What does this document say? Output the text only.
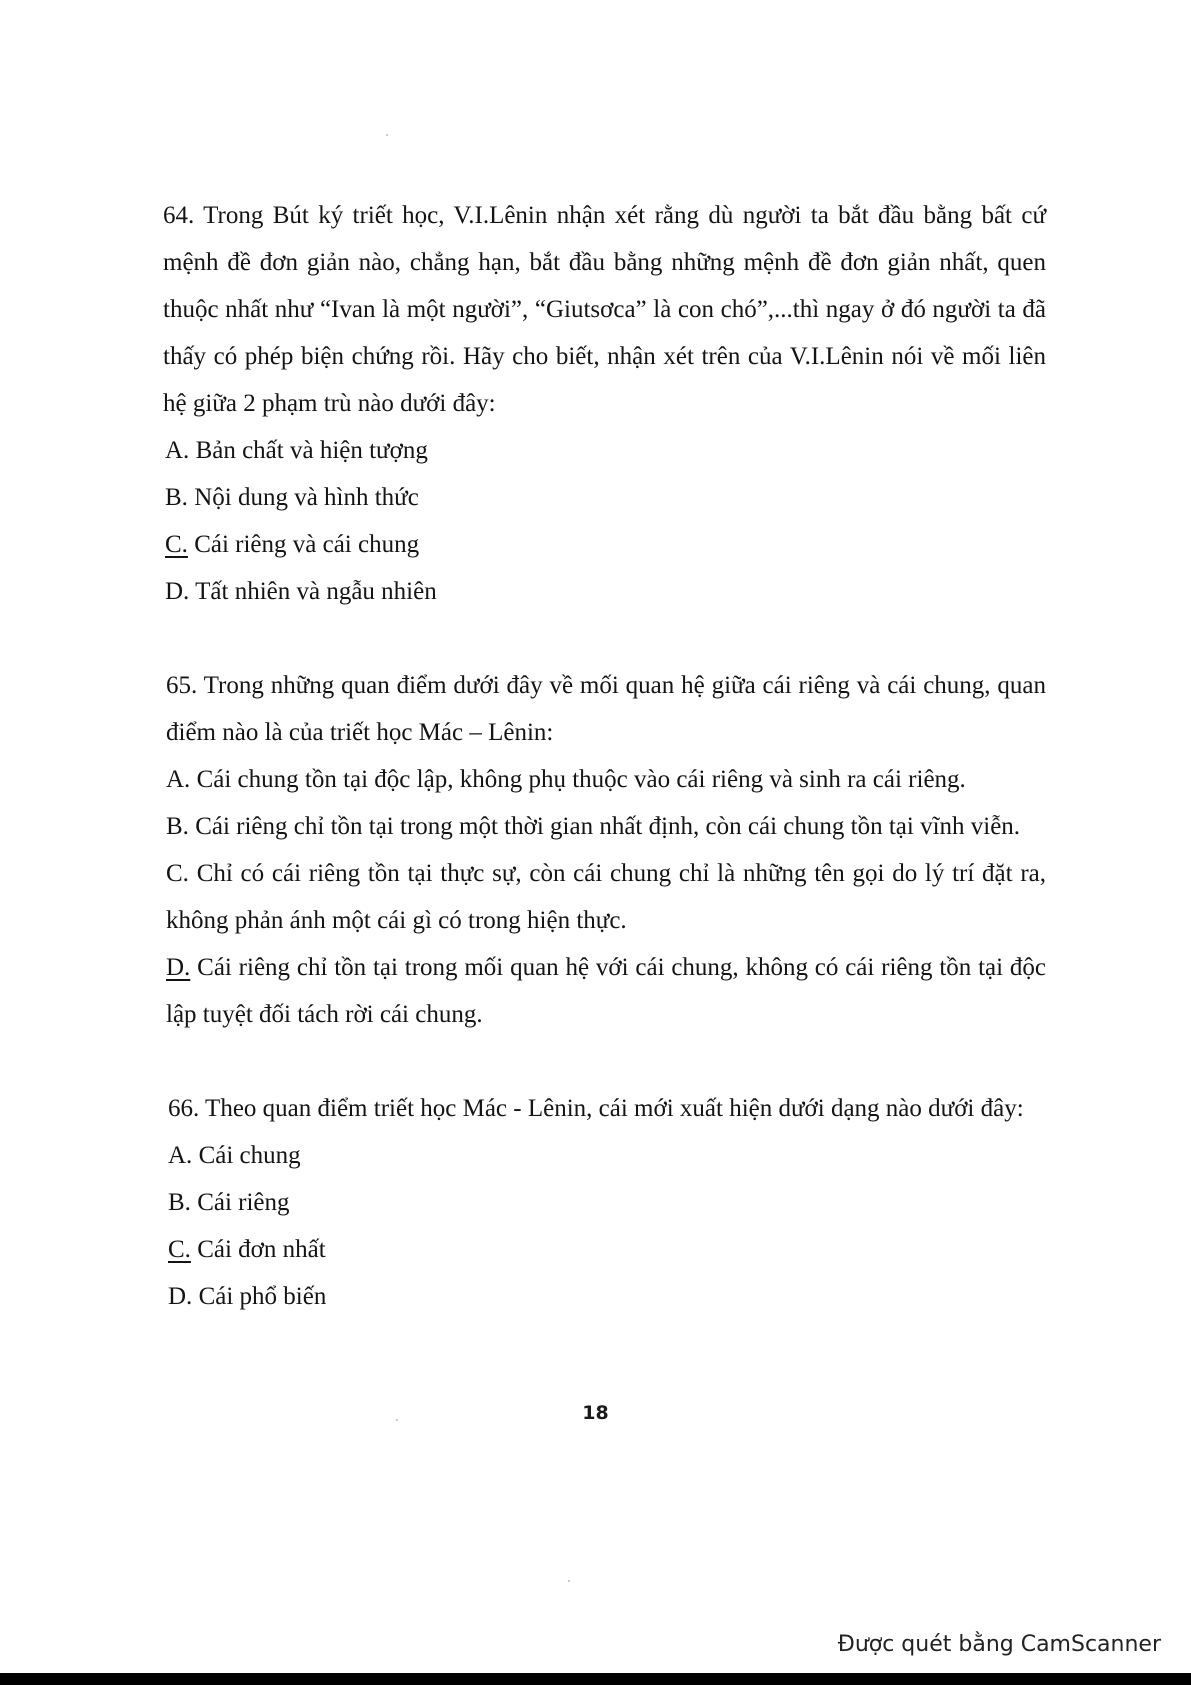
64. Trong Bút ký triết học, V.I.Lênin nhận xét rằng dù người ta bắt đầu bằng bất cứ mệnh đề đơn giản nào, chẳng hạn, bắt đầu bằng những mệnh đề đơn giản nhất, quen thuộc nhất như “Ivan là một người”, “Giutsơca” là con chó”,...thì ngay ở đó người ta đã thấy có phép biện chứng rồi. Hãy cho biết, nhận xét trên của V.I.Lênin nói về mối liên hệ giữa 2 phạm trù nào dưới đây:

A. Bản chất và hiện tượng

B. Nội dung và hình thức

C. Cái riêng và cái chung

D. Tất nhiên và ngẫu nhiên

65. Trong những quan điểm dưới đây về mối quan hệ giữa cái riêng và cái chung, quan điểm nào là của triết học Mác – Lênin:

A. Cái chung tồn tại độc lập, không phụ thuộc vào cái riêng và sinh ra cái riêng.

B. Cái riêng chỉ tồn tại trong một thời gian nhất định, còn cái chung tồn tại vĩnh viễn.

C. Chỉ có cái riêng tồn tại thực sự, còn cái chung chỉ là những tên gọi do lý trí đặt ra, không phản ánh một cái gì có trong hiện thực.

D. Cái riêng chỉ tồn tại trong mối quan hệ với cái chung, không có cái riêng tồn tại độc lập tuyệt đối tách rời cái chung.

66. Theo quan điểm triết học Mác - Lênin, cái mới xuất hiện dưới dạng nào dưới đây:

A. Cái chung

B. Cái riêng

C. Cái đơn nhất

D. Cái phổ biến

18
Được quét bằng CamScanner
